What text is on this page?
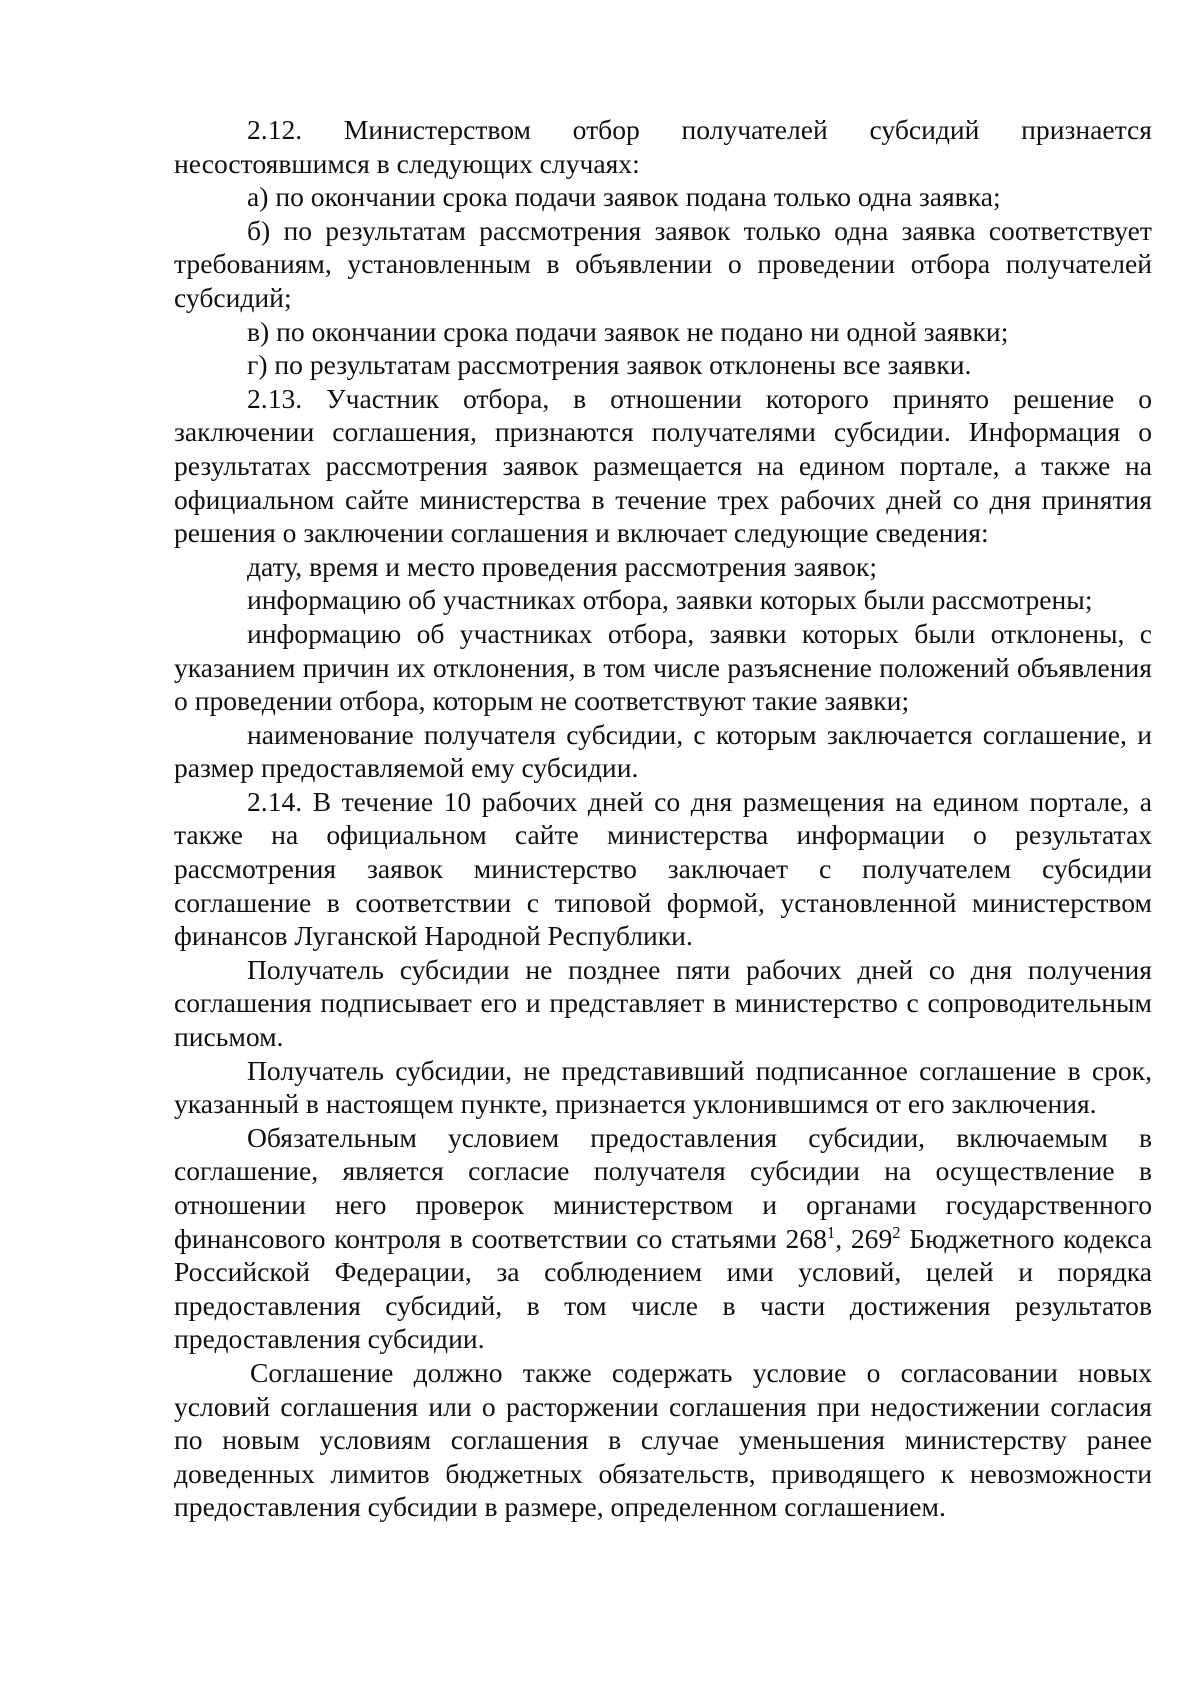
2.12. Министерством отбор получателей субсидий признается несостоявшимся в следующих случаях:

а) по окончании срока подачи заявок подана только одна заявка;

б) по результатам рассмотрения заявок только одна заявка соответствует требованиям, установленным в объявлении о проведении отбора получателей субсидий;

в) по окончании срока подачи заявок не подано ни одной заявки;

г) по результатам рассмотрения заявок отклонены все заявки.

2.13. Участник отбора, в отношении которого принято решение о заключении соглашения, признаются получателями субсидии. Информация о результатах рассмотрения заявок размещается на едином портале, а также на официальном сайте министерства в течение трех рабочих дней со дня принятия решения о заключении соглашения и включает следующие сведения:

дату, время и место проведения рассмотрения заявок;

информацию об участниках отбора, заявки которых были рассмотрены;

информацию об участниках отбора, заявки которых были отклонены, с указанием причин их отклонения, в том числе разъяснение положений объявления о проведении отбора, которым не соответствуют такие заявки;

наименование получателя субсидии, с которым заключается соглашение, и размер предоставляемой ему субсидии.

2.14. В течение 10 рабочих дней со дня размещения на едином портале, а также на официальном сайте министерства информации о результатах рассмотрения заявок министерство заключает с получателем субсидии соглашение в соответствии с типовой формой, установленной министерством финансов Луганской Народной Республики.

Получатель субсидии не позднее пяти рабочих дней со дня получения соглашения подписывает его и представляет в министерство с сопроводительным письмом.

Получатель субсидии, не представивший подписанное соглашение в срок, указанный в настоящем пункте, признается уклонившимся от его заключения.

Обязательным условием предоставления субсидии, включаемым в соглашение, является согласие получателя субсидии на осуществление в отношении него проверок министерством и органами государственного финансового контроля в соответствии со статьями $268^1$, $269^2$ Бюджетного кодекса Российской Федерации, за соблюдением ими условий, целей и порядка предоставления субсидий, в том числе в части достижения результатов предоставления субсидии.

Соглашение должно также содержать условие о согласовании новых условий соглашения или о расторжении соглашения при недостижении согласия по новым условиям соглашения в случае уменьшения министерству ранее доведенных лимитов бюджетных обязательств, приводящего к невозможности предоставления субсидии в размере, определенном соглашением.
